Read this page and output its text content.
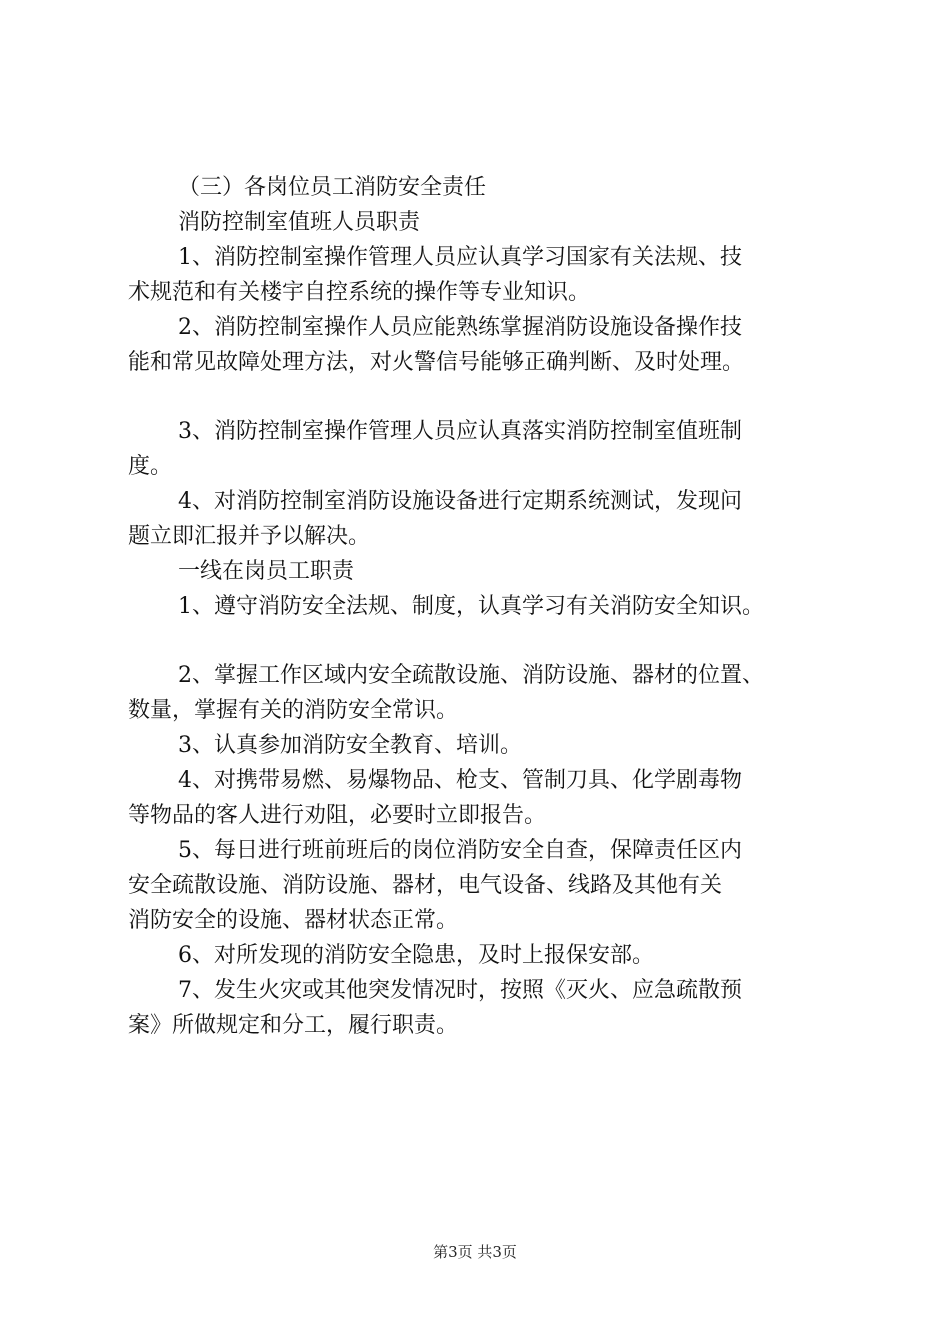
（三）各岗位员工消防安全责任
消防控制室值班人员职责
1、消防控制室操作管理人员应认真学习国家有关法规、技
术规范和有关楼宇自控系统的操作等专业知识。
2、消防控制室操作人员应能熟练掌握消防设施设备操作技
能和常见故障处理方法，对火警信号能够正确判断、及时处理。
3、消防控制室操作管理人员应认真落实消防控制室值班制
度。
4、对消防控制室消防设施设备进行定期系统测试，发现问
题立即汇报并予以解决。
一线在岗员工职责
1、遵守消防安全法规、制度，认真学习有关消防安全知识。
2、掌握工作区域内安全疏散设施、消防设施、器材的位置、
数量，掌握有关的消防安全常识。
3、认真参加消防安全教育、培训。
4、对携带易燃、易爆物品、枪支、管制刀具、化学剧毒物
等物品的客人进行劝阻，必要时立即报告。
5、每日进行班前班后的岗位消防安全自查，保障责任区内
安全疏散设施、消防设施、器材，电气设备、线路及其他有关
消防安全的设施、器材状态正常。
6、对所发现的消防安全隐患，及时上报保安部。
7、发生火灾或其他突发情况时，按照《灭火、应急疏散预
案》所做规定和分工，履行职责。
第3页 共3页
